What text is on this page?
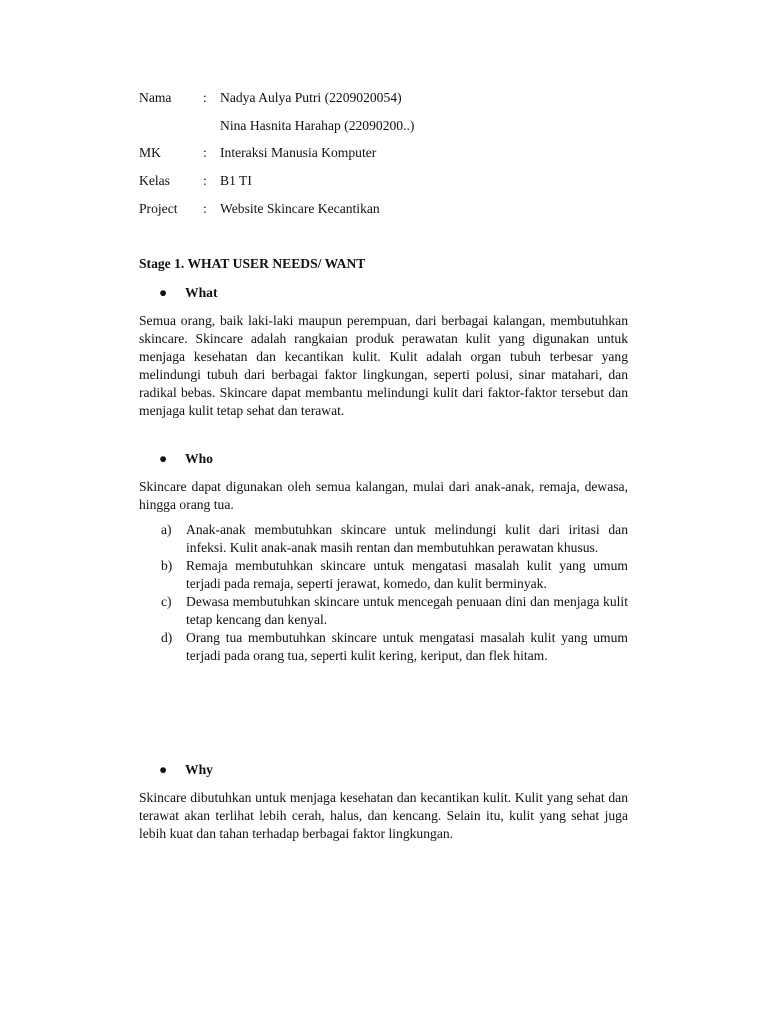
Nama : Nadya Aulya Putri (2209020054)
Nina Hasnita Harahap (22090200..)
MK	: Interaksi Manusia Komputer
Kelas : B1 TI
Project : Website Skincare Kecantikan
Stage 1. WHAT USER NEEDS/ WANT
● What
Semua orang, baik laki-laki maupun perempuan, dari berbagai kalangan, membutuhkan skincare. Skincare adalah rangkaian produk perawatan kulit yang digunakan untuk menjaga kesehatan dan kecantikan kulit. Kulit adalah organ tubuh terbesar yang melindungi tubuh dari berbagai faktor lingkungan, seperti polusi, sinar matahari, dan radikal bebas. Skincare dapat membantu melindungi kulit dari faktor-faktor tersebut dan menjaga kulit tetap sehat dan terawat.
● Who
Skincare dapat digunakan oleh semua kalangan, mulai dari anak-anak, remaja, dewasa, hingga orang tua.
a) Anak-anak membutuhkan skincare untuk melindungi kulit dari iritasi dan infeksi. Kulit anak-anak masih rentan dan membutuhkan perawatan khusus.
b) Remaja membutuhkan skincare untuk mengatasi masalah kulit yang umum terjadi pada remaja, seperti jerawat, komedo, dan kulit berminyak.
c) Dewasa membutuhkan skincare untuk mencegah penuaan dini dan menjaga kulit tetap kencang dan kenyal.
d) Orang tua membutuhkan skincare untuk mengatasi masalah kulit yang umum terjadi pada orang tua, seperti kulit kering, keriput, dan flek hitam.
● Why
Skincare dibutuhkan untuk menjaga kesehatan dan kecantikan kulit. Kulit yang sehat dan terawat akan terlihat lebih cerah, halus, dan kencang. Selain itu, kulit yang sehat juga lebih kuat dan tahan terhadap berbagai faktor lingkungan.
